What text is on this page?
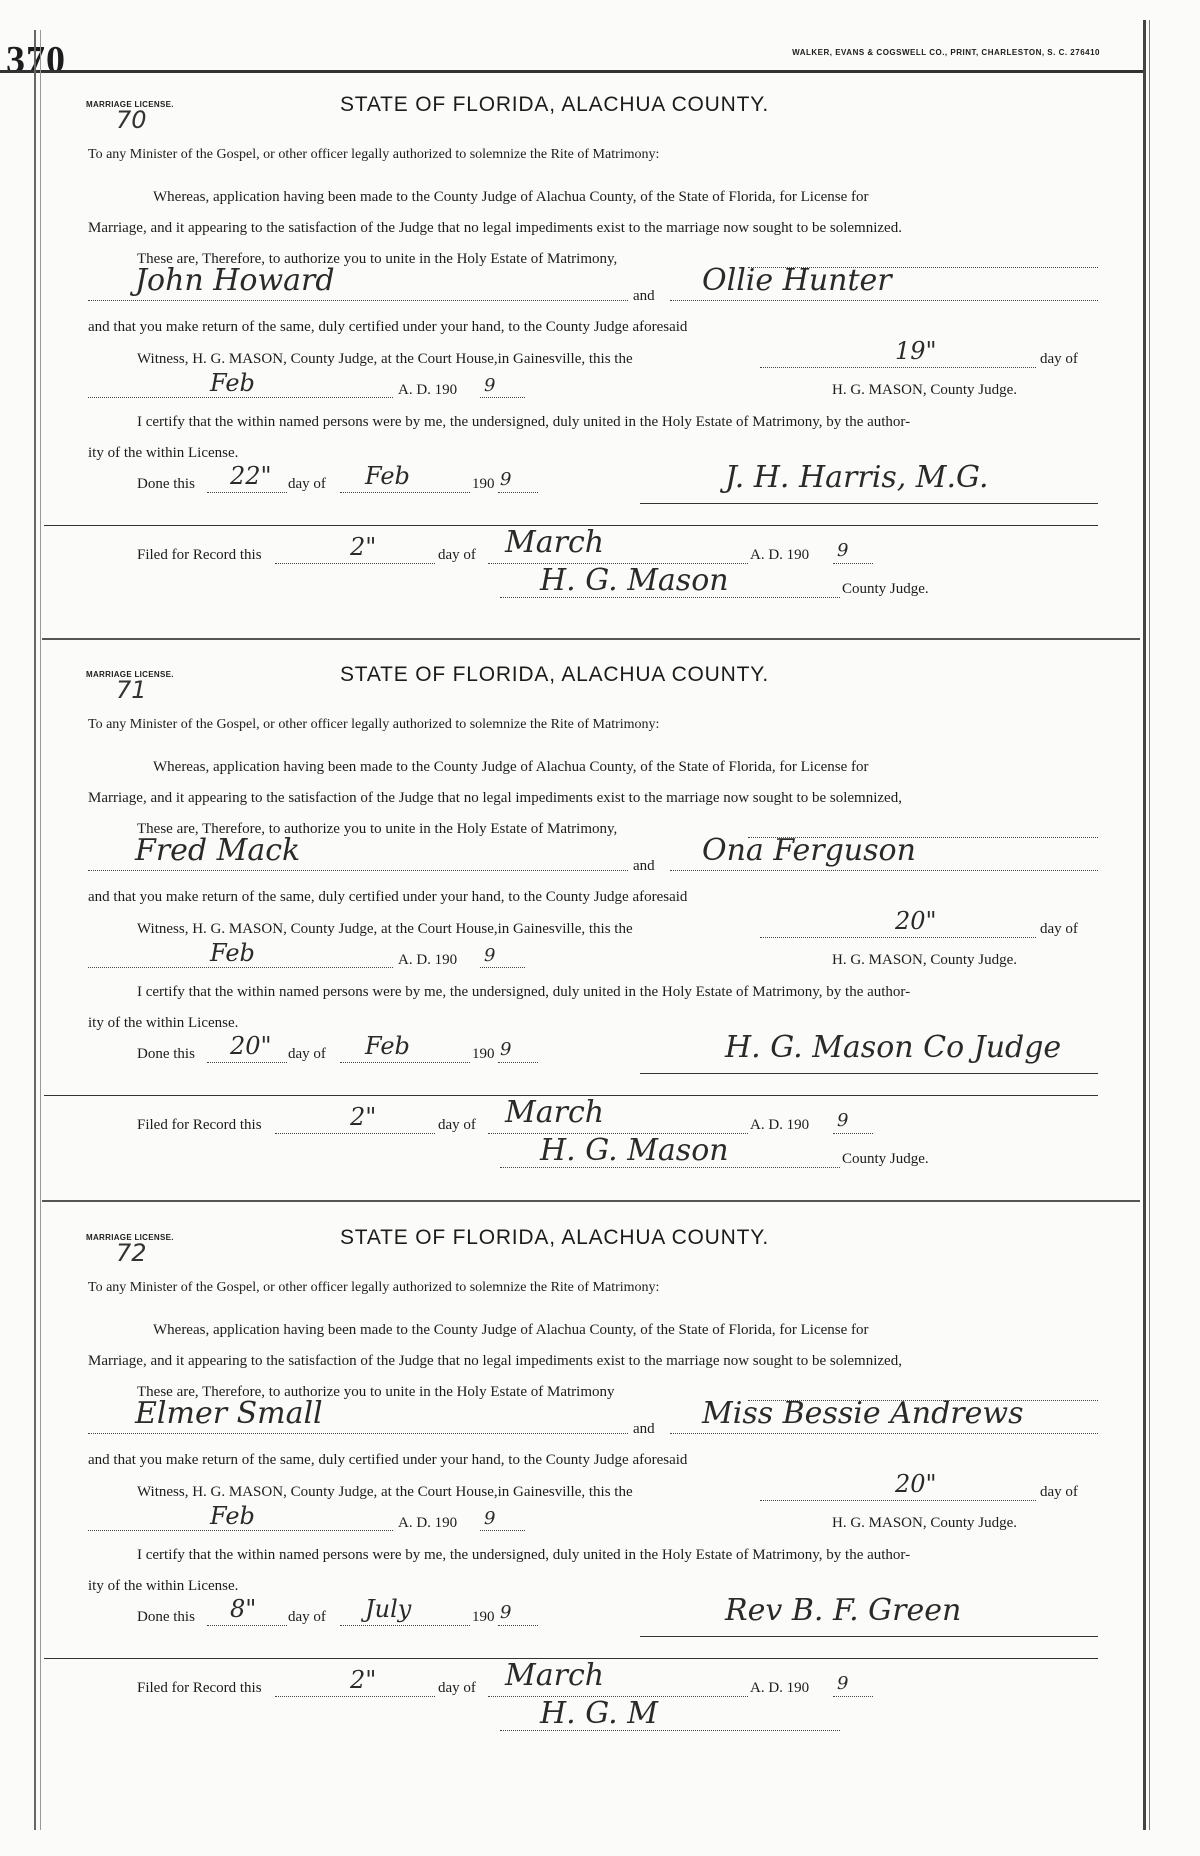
370	WALKER, EVANS & COGSWELL CO., PRINT, CHARLESTON, S. C. 276410
MARRIAGE LICENSE.
70
STATE OF FLORIDA, ALACHUA COUNTY.
To any Minister of the Gospel, or other officer legally authorized to solemnize the Rite of Matrimony:
Whereas, application having been made to the County Judge of Alachua County, of the State of Florida, for License for
Marriage, and it appearing to the satisfaction of the Judge that no legal impediments exist to the marriage now sought to be solemnized.
These are, Therefore, to authorize you to unite in the Holy Estate of Matrimony,
John Howard	and Ollie Hunter
and that you make return of the same, duly certified under your hand, to the County Judge aforesaid
Witness, H. G. MASON, County Judge, at the Court House,in Gainesville, this the	19"	day of
Feb	A. D. 190 9	H. G. MASON, County Judge.
I certify that the within named persons were by me, the undersigned, duly united in the Holy Estate of Matrimony, by the author-
ity of the within License.
Done this 22" day of Feb	190 9	J. H. Harris, M.G.
Filed for Record this	2"	day of March	A. D. 190 9
H. G. Mason	County Judge.
MARRIAGE LICENSE.
71
STATE OF FLORIDA, ALACHUA COUNTY.
To any Minister of the Gospel, or other officer legally authorized to solemnize the Rite of Matrimony:
Whereas, application having been made to the County Judge of Alachua County, of the State of Florida, for License for
Marriage, and it appearing to the satisfaction of the Judge that no legal impediments exist to the marriage now sought to be solemnized,
These are, Therefore, to authorize you to unite in the Holy Estate of Matrimony,
Fred Mack	and Ona Ferguson
and that you make return of the same, duly certified under your hand, to the County Judge aforesaid
Witness, H. G. MASON, County Judge, at the Court House,in Gainesville, this the	20"	day of
Feb	A. D. 190 9	H. G. MASON, County Judge.
I certify that the within named persons were by me, the undersigned, duly united in the Holy Estate of Matrimony, by the author-
ity of the within License.
Done this 20" day of Feb	190 9	H. G. Mason Co Judge
Filed for Record this	2"	day of March	A. D. 190 9
H. G. Mason	County Judge.
MARRIAGE LICENSE.
72
STATE OF FLORIDA, ALACHUA COUNTY.
To any Minister of the Gospel, or other officer legally authorized to solemnize the Rite of Matrimony:
Whereas, application having been made to the County Judge of Alachua County, of the State of Florida, for License for
Marriage, and it appearing to the satisfaction of the Judge that no legal impediments exist to the marriage now sought to be solemnized,
These are, Therefore, to authorize you to unite in the Holy Estate of Matrimony
Elmer Small	and Miss Bessie Andrews
and that you make return of the same, duly certified under your hand, to the County Judge aforesaid
Witness, H. G. MASON, County Judge, at the Court House,in Gainesville, this the	20"	day of
Feb	A. D. 190 9	H. G. MASON, County Judge.
I certify that the within named persons were by me, the undersigned, duly united in the Holy Estate of Matrimony, by the author-
ity of the within License.
Done this 8" day of July	190 9	Rev B. F. Green
Filed for Record this	2"	day of March	A. D. 190 9
H. G. M
